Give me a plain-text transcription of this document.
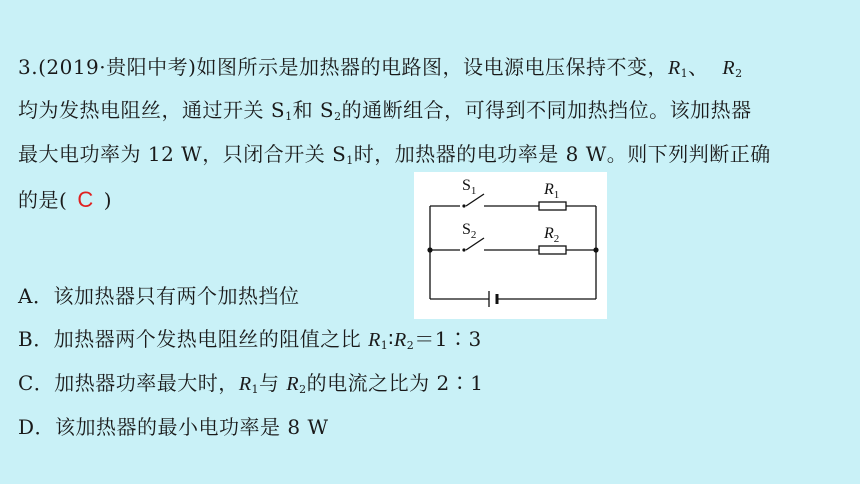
3.(2019·贵阳中考)如图所示是加热器的电路图，设电源电压保持不变，$R_1$、 $R_2$
均为发热电阻丝，通过开关 $S_1$和 $S_2$的通断组合，可得到不同加热挡位。该加热器
最大电功率为 12 W，只闭合开关 $S_1$时，加热器的电功率是 8 W。则下列判断正确
的是( C )
$S_1$
$S_2$
$R_1$
$R_2$
A．该加热器只有两个加热挡位
B．加热器两个发热电阻丝的阻值之比 $R_1∶R_2=1∶3$
C．加热器功率最大时，$R_1$与 $R_2$的电流之比为 2∶1
D．该加热器的最小电功率是 8 W
